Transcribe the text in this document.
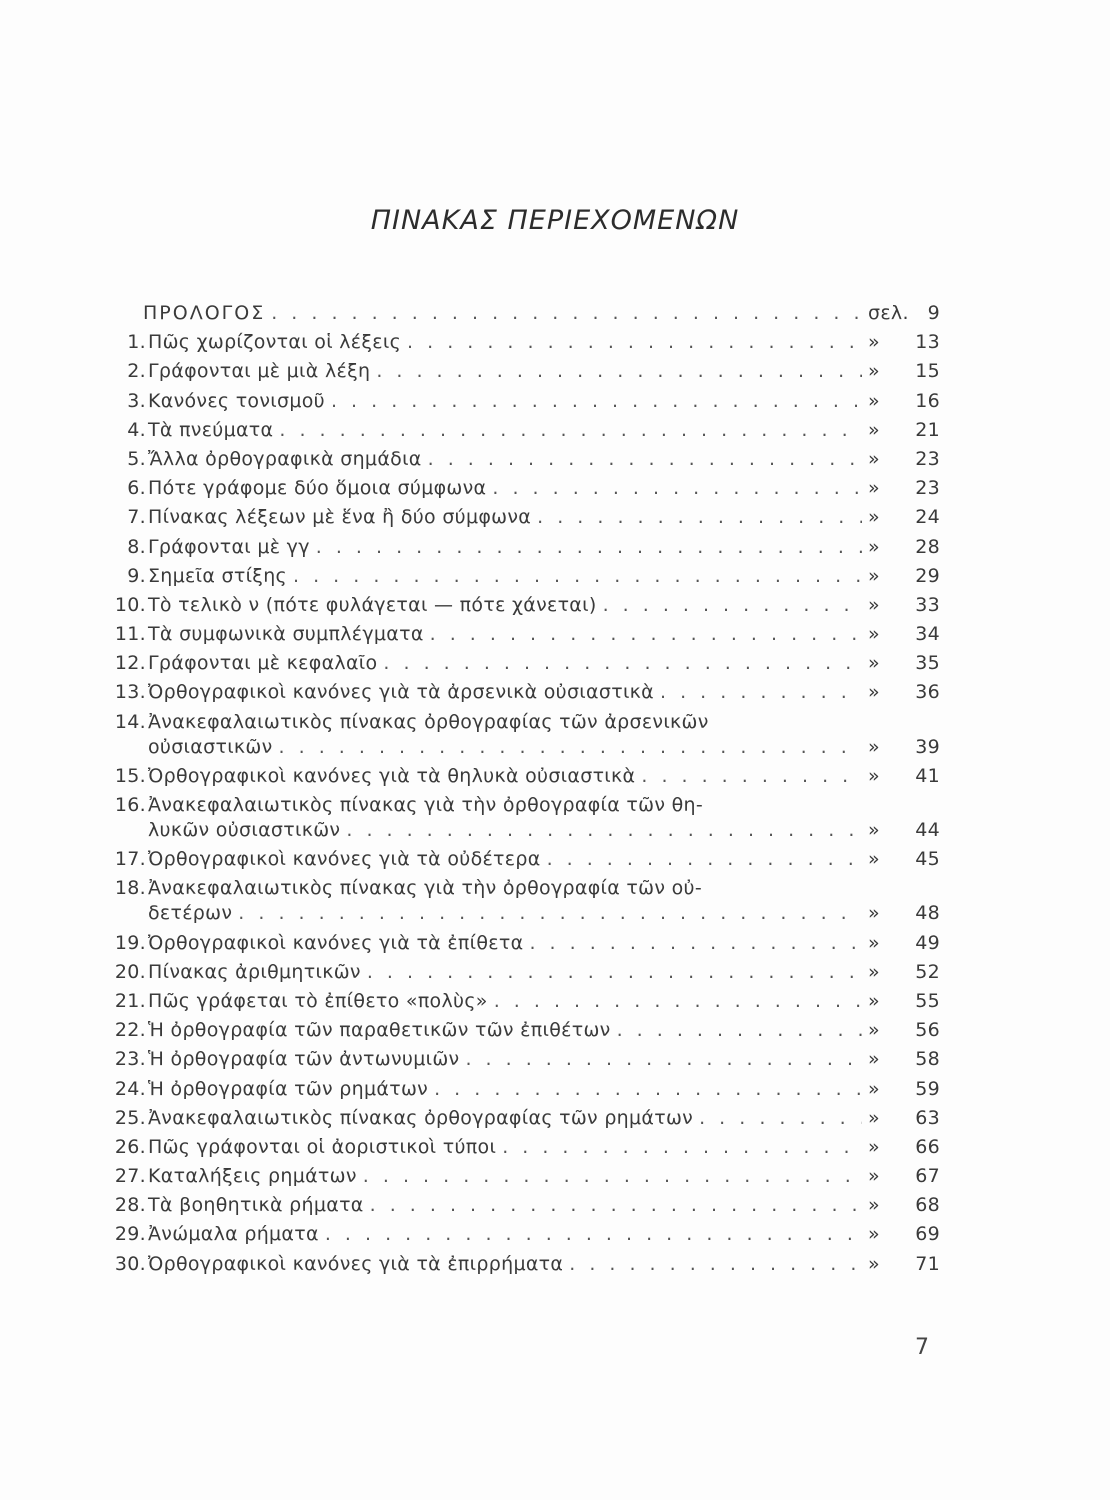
ΠΙΝΑΚΑΣ ΠΕΡΙΕΧΟΜΕΝΩΝ
ΠΡΟΛΟΓΟΣ . . .	σελ. 9
1. Πῶς χωρίζονται οἱ λέξεις . . .	»	13
2. Γράφονται μὲ μιὰ λέξη . . .	»	15
3. Κανόνες τονισμοῦ . . .	»	16
4. Τὰ πνεύματα . . .	»	21
5. Ἄλλα ὀρθογραφικὰ σημάδια . . .	»	23
6. Πότε γράφομε δύο ὅμοια σύμφωνα . . .	»	23
7. Πίνακας λέξεων μὲ ἕνα ἢ δύο σύμφωνα . . .	»	24
8. Γράφονται μὲ γγ . . .	»	28
9. Σημεῖα στίξης . . .	»	29
10. Τὸ τελικὸ ν (πότε φυλάγεται — πότε χάνεται) . . .	»	33
11. Τὰ συμφωνικὰ συμπλέγματα . . .	»	34
12. Γράφονται μὲ κεφαλαῖο . . .	»	35
13. Ὀρθογραφικοὶ κανόνες γιὰ τὰ ἀρσενικὰ οὐσιαστικὰ . . .	»	36
14. Ἀνακεφαλαιωτικὸς πίνακας ὀρθογραφίας τῶν ἀρσενικῶν
οὐσιαστικῶν . . .	»	39
15. Ὀρθογραφικοὶ κανόνες γιὰ τὰ θηλυκὰ οὐσιαστικὰ . . .	»	41
16. Ἀνακεφαλαιωτικὸς πίνακας γιὰ τὴν ὀρθογραφία τῶν θη-
λυκῶν οὐσιαστικῶν . . .	»	44
17. Ὀρθογραφικοὶ κανόνες γιὰ τὰ οὐδέτερα . . .	»	45
18. Ἀνακεφαλαιωτικὸς πίνακας γιὰ τὴν ὀρθογραφία τῶν οὐ-
δετέρων . . .	»	48
19. Ὀρθογραφικοὶ κανόνες γιὰ τὰ ἐπίθετα . . .	»	49
20. Πίνακας ἀριθμητικῶν . . .	»	52
21. Πῶς γράφεται τὸ ἐπίθετο «πολὺς» . . .	»	55
22. Ἡ ὀρθογραφία τῶν παραθετικῶν τῶν ἐπιθέτων . . .	»	56
23. Ἡ ὀρθογραφία τῶν ἀντωνυμιῶν . . .	»	58
24. Ἡ ὀρθογραφία τῶν ρημάτων . . .	»	59
25. Ἀνακεφαλαιωτικὸς πίνακας ὀρθογραφίας τῶν ρημάτων . . .	»	63
26. Πῶς γράφονται οἱ ἀοριστικοὶ τύποι . . .	»	66
27. Καταλήξεις ρημάτων . . .	»	67
28. Τὰ βοηθητικὰ ρήματα . . .	»	68
29. Ἀνώμαλα ρήματα . . .	»	69
30. Ὀρθογραφικοὶ κανόνες γιὰ τὰ ἐπιρρήματα . . .	»	71
7
